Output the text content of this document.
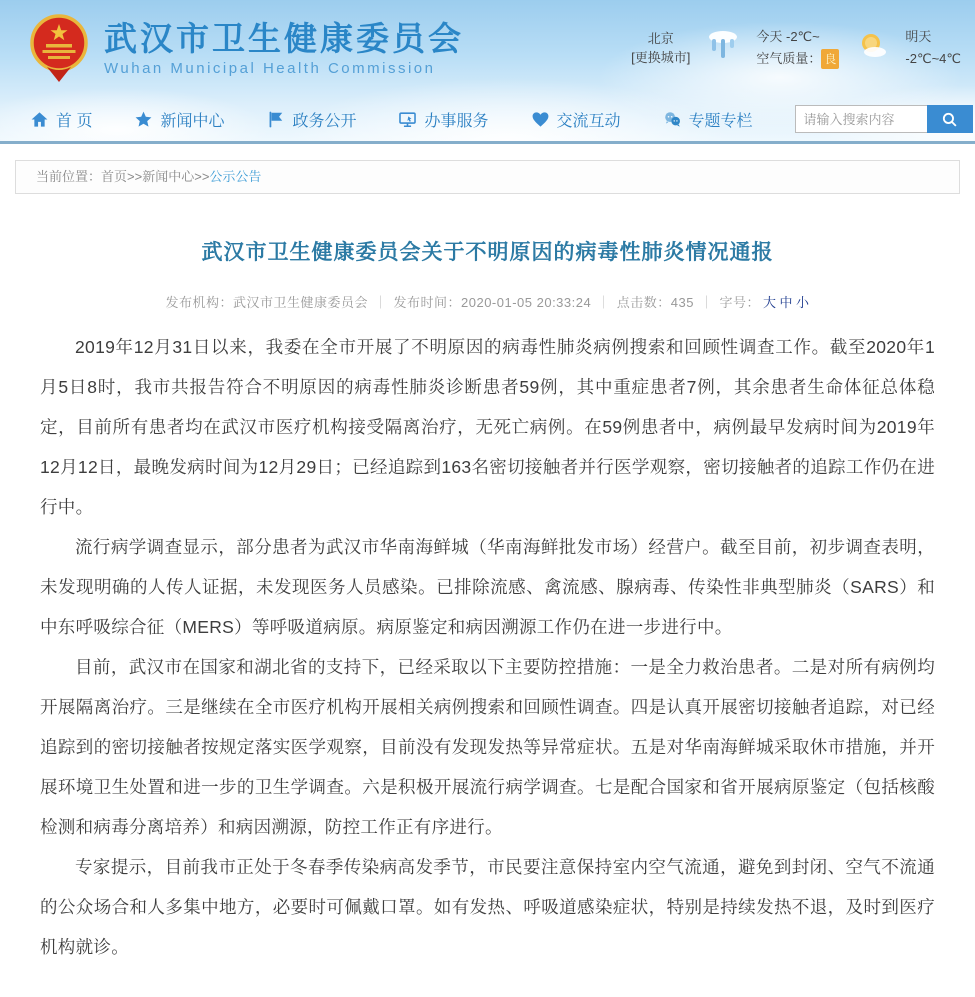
武汉市卫生健康委员会
Wuhan Municipal Health Commission
北京
[更换城市]
今天 -2℃~
空气质量： 良
明天
-2℃~4℃
首 页	新闻中心	政务公开	办事服务	交流互动	专题专栏
请输入搜索内容
当前位置：首页>>新闻中心>>公示公告
武汉市卫生健康委员会关于不明原因的病毒性肺炎情况通报
发布机构：武汉市卫生健康委员会 ｜ 发布时间：2020-01-05 20:33:24 ｜ 点击数：435 ｜ 字号： 大 中 小

2019年12月31日以来，我委在全市开展了不明原因的病毒性肺炎病例搜索和回顾性调查工作。截至2020年1月5日8时，我市共报告符合不明原因的病毒性肺炎诊断患者59例，其中重症患者7例，其余患者生命体征总体稳定，目前所有患者均在武汉市医疗机构接受隔离治疗，无死亡病例。在59例患者中，病例最早发病时间为2019年12月12日，最晚发病时间为12月29日；已经追踪到163名密切接触者并行医学观察，密切接触者的追踪工作仍在进行中。

流行病学调查显示，部分患者为武汉市华南海鲜城（华南海鲜批发市场）经营户。截至目前，初步调查表明，未发现明确的人传人证据，未发现医务人员感染。已排除流感、禽流感、腺病毒、传染性非典型肺炎（SARS）和中东呼吸综合征（MERS）等呼吸道病原。病原鉴定和病因溯源工作仍在进一步进行中。

目前，武汉市在国家和湖北省的支持下，已经采取以下主要防控措施：一是全力救治患者。二是对所有病例均开展隔离治疗。三是继续在全市医疗机构开展相关病例搜索和回顾性调查。四是认真开展密切接触者追踪，对已经追踪到的密切接触者按规定落实医学观察，目前没有发现发热等异常症状。五是对华南海鲜城采取休市措施，并开展环境卫生处置和进一步的卫生学调查。六是积极开展流行病学调查。七是配合国家和省开展病原鉴定（包括核酸检测和病毒分离培养）和病因溯源，防控工作正有序进行。

专家提示，目前我市正处于冬春季传染病高发季节，市民要注意保持室内空气流通，避免到封闭、空气不流通的公众场合和人多集中地方，必要时可佩戴口罩。如有发热、呼吸道感染症状，特别是持续发热不退，及时到医疗机构就诊。
